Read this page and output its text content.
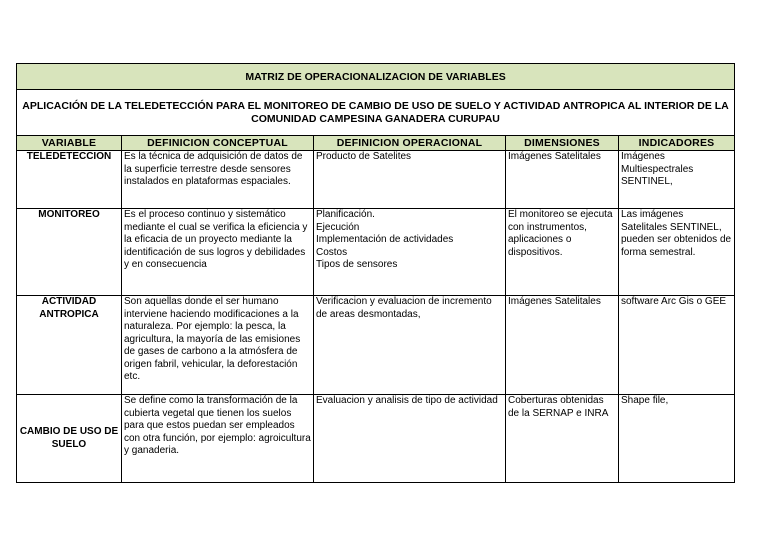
MATRIZ DE OPERACIONALIZACION DE VARIABLES				
APLICACIÓN DE LA TELEDETECCIÓN PARA EL MONITOREO DE CAMBIO DE USO DE SUELO Y ACTIVIDAD ANTROPICA AL INTERIOR DE LA COMUNIDAD CAMPESINA GANADERA CURUPAU				
VARIABLE	DEFINICION CONCEPTUAL	DEFINICION OPERACIONAL	DIMENSIONES	INDICADORES
TELEDETECCION	Es la técnica de adquisición de datos de la superficie terrestre desde sensores instalados en plataformas espaciales.	Producto de Satelites	Imágenes Satelitales	Imágenes Multiespectrales SENTINEL,
MONITOREO	Es el proceso continuo y sistemático mediante el cual se verifica la eficiencia y la eficacia de un proyecto mediante la identificación de sus logros y debilidades y en consecuencia	Planificación.
Ejecución
Implementación de actividades
Costos
Tipos de sensores	El monitoreo se ejecuta con instrumentos, aplicaciones o dispositivos.	Las imágenes Satelitales SENTINEL, pueden ser obtenidos de forma semestral.
ACTIVIDAD ANTROPICA	Son aquellas donde el ser humano interviene haciendo modificaciones a la naturaleza. Por ejemplo: la pesca, la agricultura, la mayoría de las emisiones de gases de carbono a la atmósfera de origen fabril, vehicular, la deforestación etc.	Verificacion y evaluacion de incremento de areas desmontadas,	Imágenes Satelitales	software Arc Gis o GEE
CAMBIO DE USO DE SUELO	Se define como la transformación de la cubierta vegetal que tienen los suelos para que estos puedan ser empleados con otra función, por ejemplo: agroicultura y ganaderia.	Evaluacion y analisis de tipo de actividad	Coberturas obtenidas de la SERNAP e INRA	Shape file,
